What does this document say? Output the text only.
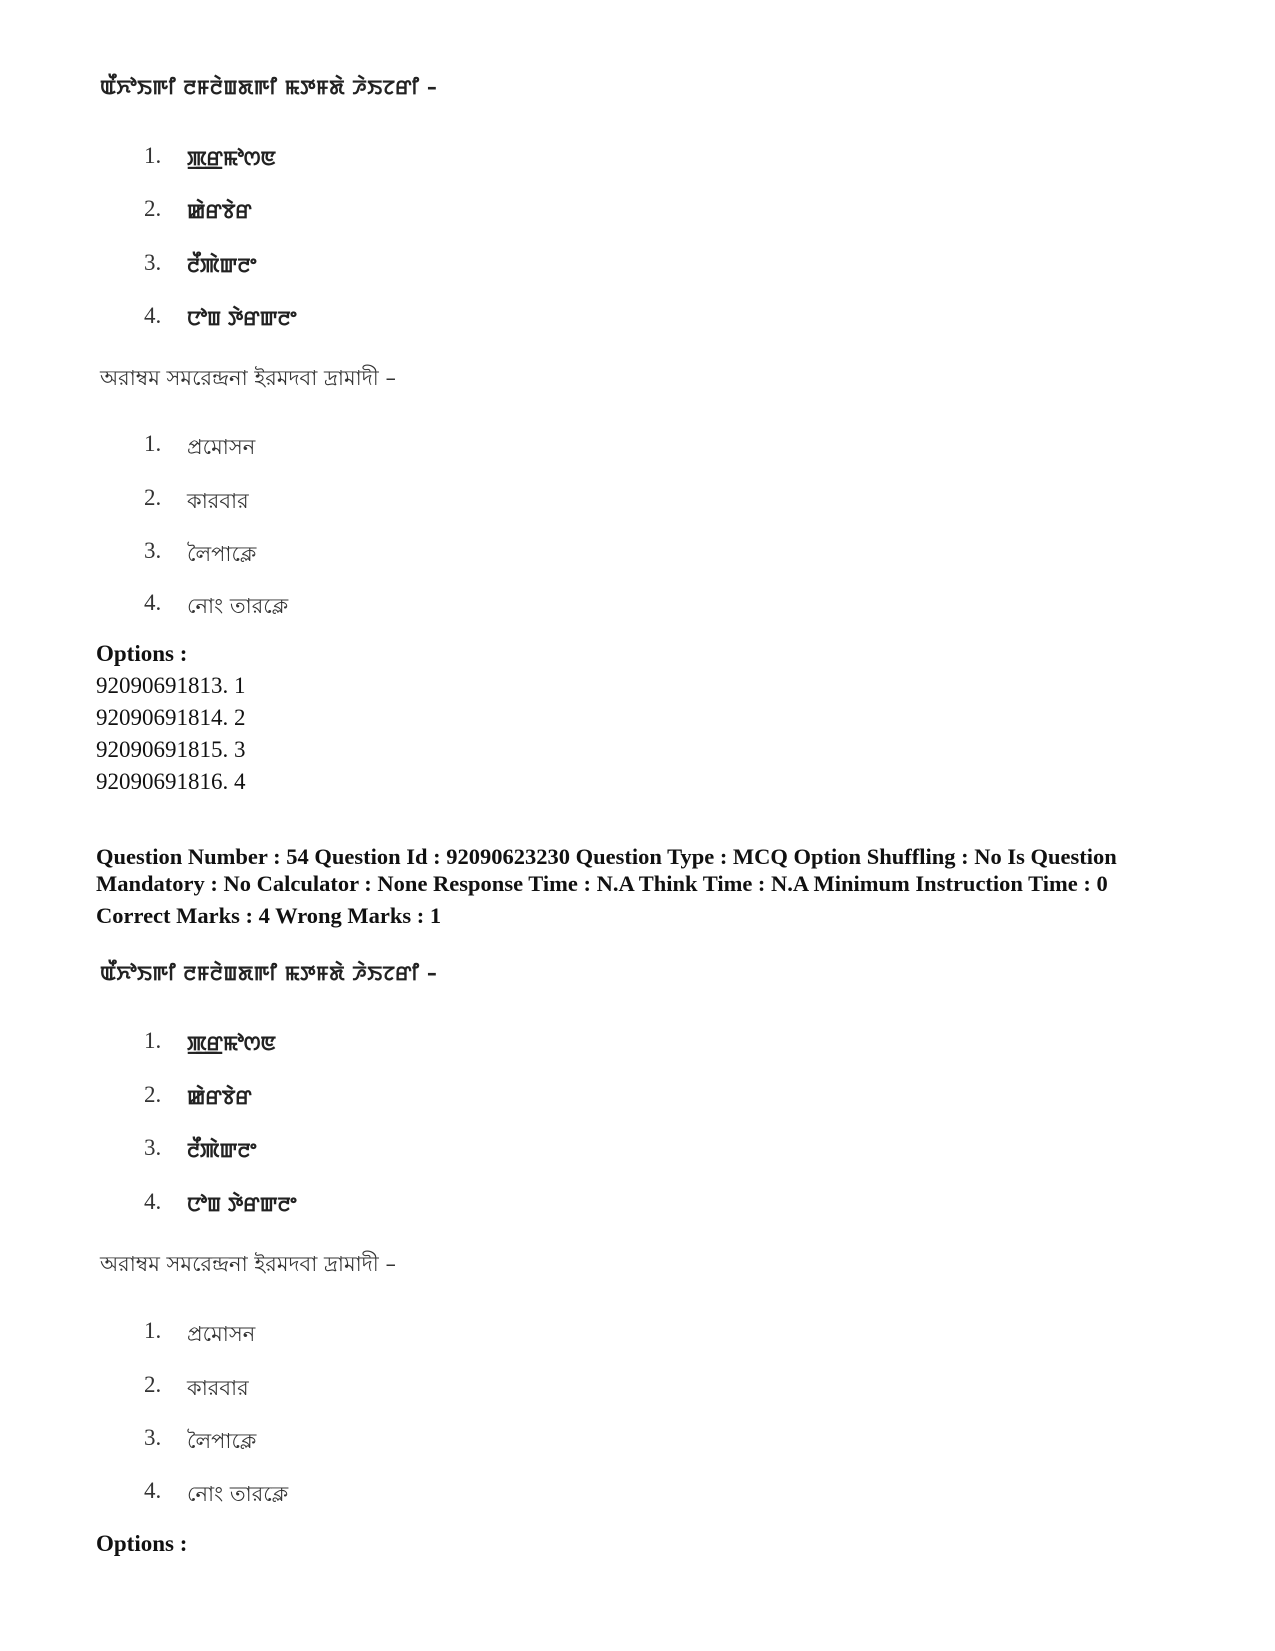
ꯑꯩꯈꯣꯏꯒꯤ ꯂꯝꯂꯥꯡꯗꯒꯤ ꯃꯇꯝꯗꯥ ꯍꯥꯏꯖꯔꯤ –
1. ꯄ꯭ꯔꯃꯣꯁꯟ
2. ꯀꯥꯔꯕꯥꯔ
3. ꯂꯩꯄꯥꯛꯂꯦ
4. ꯅꯣꯡ ꯇꯥꯔꯛꯂꯦ
অরাম্বম সমরেন্দ্রনা ইরমদবা দ্রামাদী –
1. প্রমোসন
2. কারবার
3. লৈপাক্লে
4. নোং তারক্লে
Options :
92090691813. 1
92090691814. 2
92090691815. 3
92090691816. 4
Question Number : 54 Question Id : 92090623230 Question Type : MCQ Option Shuffling : No Is Question
Mandatory : No Calculator : None Response Time : N.A Think Time : N.A Minimum Instruction Time : 0
Correct Marks : 4 Wrong Marks : 1
ꯑꯩꯈꯣꯏꯒꯤ ꯂꯝꯂꯥꯡꯗꯒꯤ ꯃꯇꯝꯗꯥ ꯍꯥꯏꯖꯔꯤ –
1. ꯄ꯭ꯔꯃꯣꯁꯟ
2. ꯀꯥꯔꯕꯥꯔ
3. ꯂꯩꯄꯥꯛꯂꯦ
4. ꯅꯣꯡ ꯇꯥꯔꯛꯂꯦ
অরাম্বম সমরেন্দ্রনা ইরমদবা দ্রামাদী –
1. প্রমোসন
2. কারবার
3. লৈপাক্লে
4. নোং তারক্লে
Options :
